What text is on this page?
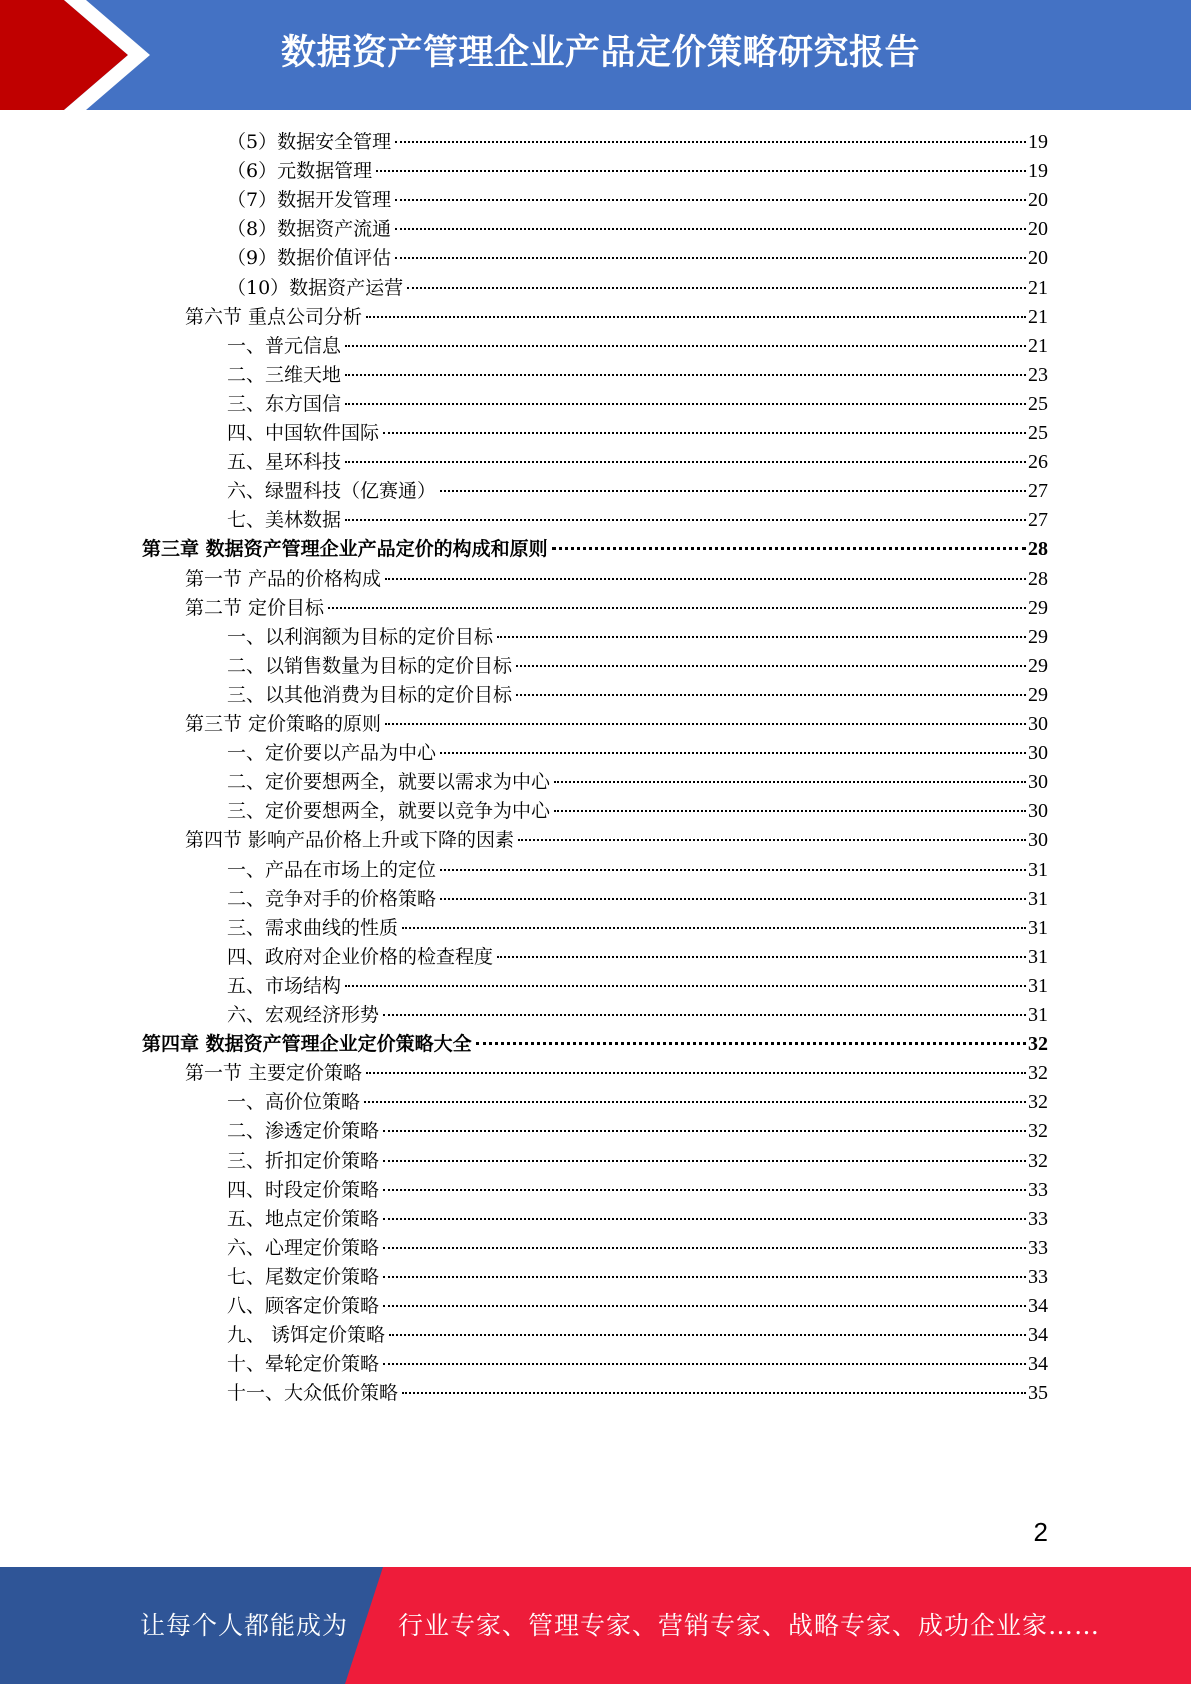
数据资产管理企业产品定价策略研究报告
（5）数据安全管理	19
（6）元数据管理	19
（7）数据开发管理	20
（8）数据资产流通	20
（9）数据价值评估	20
（10）数据资产运营	21
第六节 重点公司分析	21
一、普元信息	21
二、三维天地	23
三、东方国信	25
四、中国软件国际	25
五、星环科技	26
六、绿盟科技（亿赛通）	27
七、美林数据	27
第三章 数据资产管理企业产品定价的构成和原则	28
第一节 产品的价格构成	28
第二节 定价目标	29
一、以利润额为目标的定价目标	29
二、以销售数量为目标的定价目标	29
三、以其他消费为目标的定价目标	29
第三节 定价策略的原则	30
一、定价要以产品为中心	30
二、定价要想两全，就要以需求为中心	30
三、定价要想两全，就要以竞争为中心	30
第四节 影响产品价格上升或下降的因素	30
一、产品在市场上的定位	31
二、竞争对手的价格策略	31
三、需求曲线的性质	31
四、政府对企业价格的检查程度	31
五、市场结构	31
六、宏观经济形势	31
第四章 数据资产管理企业定价策略大全	32
第一节 主要定价策略	32
一、高价位策略	32
二、渗透定价策略	32
三、折扣定价策略	32
四、时段定价策略	33
五、地点定价策略	33
六、心理定价策略	33
七、尾数定价策略	33
八、顾客定价策略	34
九、 诱饵定价策略	34
十、晕轮定价策略	34
十一、大众低价策略	35
2
让每个人都能成为 行业专家、管理专家、营销专家、战略专家、成功企业家……
